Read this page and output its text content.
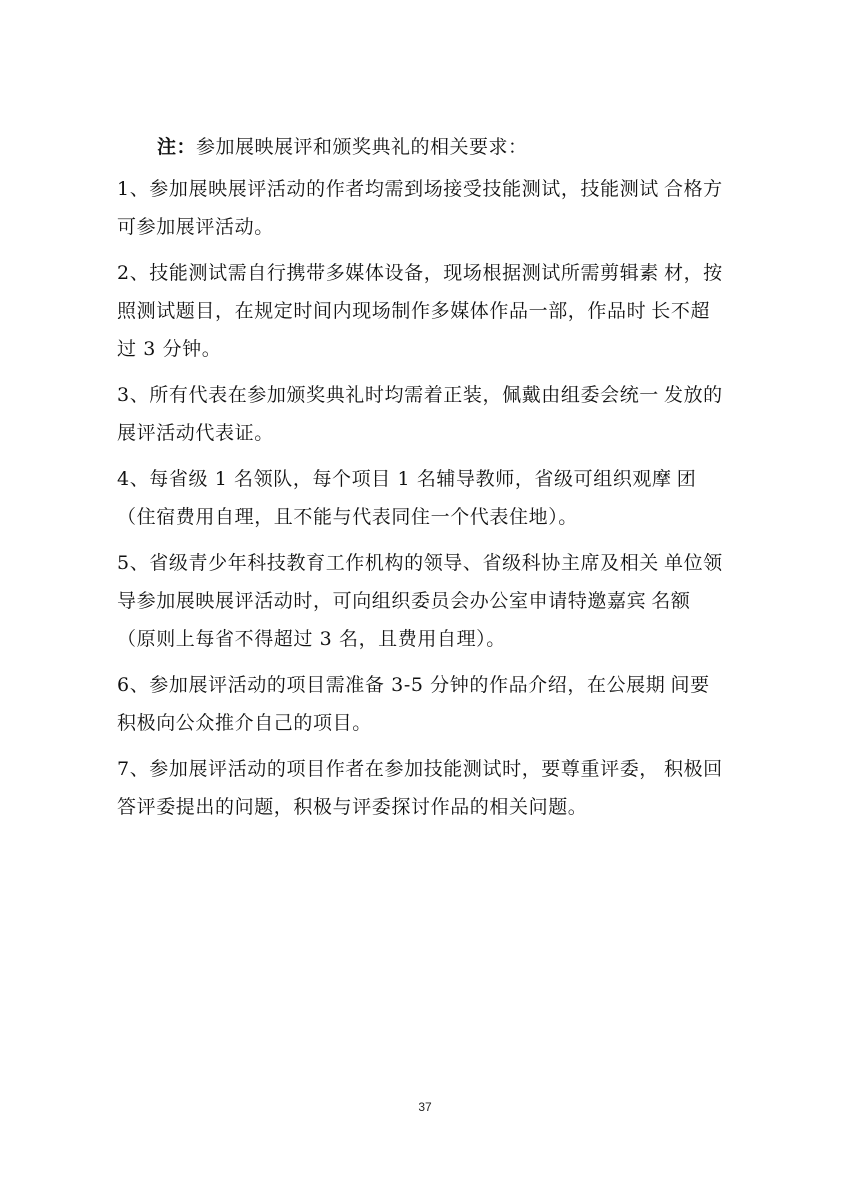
注：参加展映展评和颁奖典礼的相关要求：

1、参加展映展评活动的作者均需到场接受技能测试，技能测试 合格方可参加展评活动。
2、技能测试需自行携带多媒体设备，现场根据测试所需剪辑素 材，按照测试题目，在规定时间内现场制作多媒体作品一部，作品时 长不超过 3 分钟。
3、所有代表在参加颁奖典礼时均需着正装，佩戴由组委会统一 发放的展评活动代表证。
4、每省级 1 名领队，每个项目 1 名辅导教师，省级可组织观摩 团（住宿费用自理，且不能与代表同住一个代表住地）。
5、省级青少年科技教育工作机构的领导、省级科协主席及相关 单位领导参加展映展评活动时，可向组织委员会办公室申请特邀嘉宾 名额（原则上每省不得超过 3 名，且费用自理）。
6、参加展评活动的项目需准备 3-5 分钟的作品介绍，在公展期 间要积极向公众推介自己的项目。
7、参加展评活动的项目作者在参加技能测试时，要尊重评委， 积极回答评委提出的问题，积极与评委探讨作品的相关问题。
37
